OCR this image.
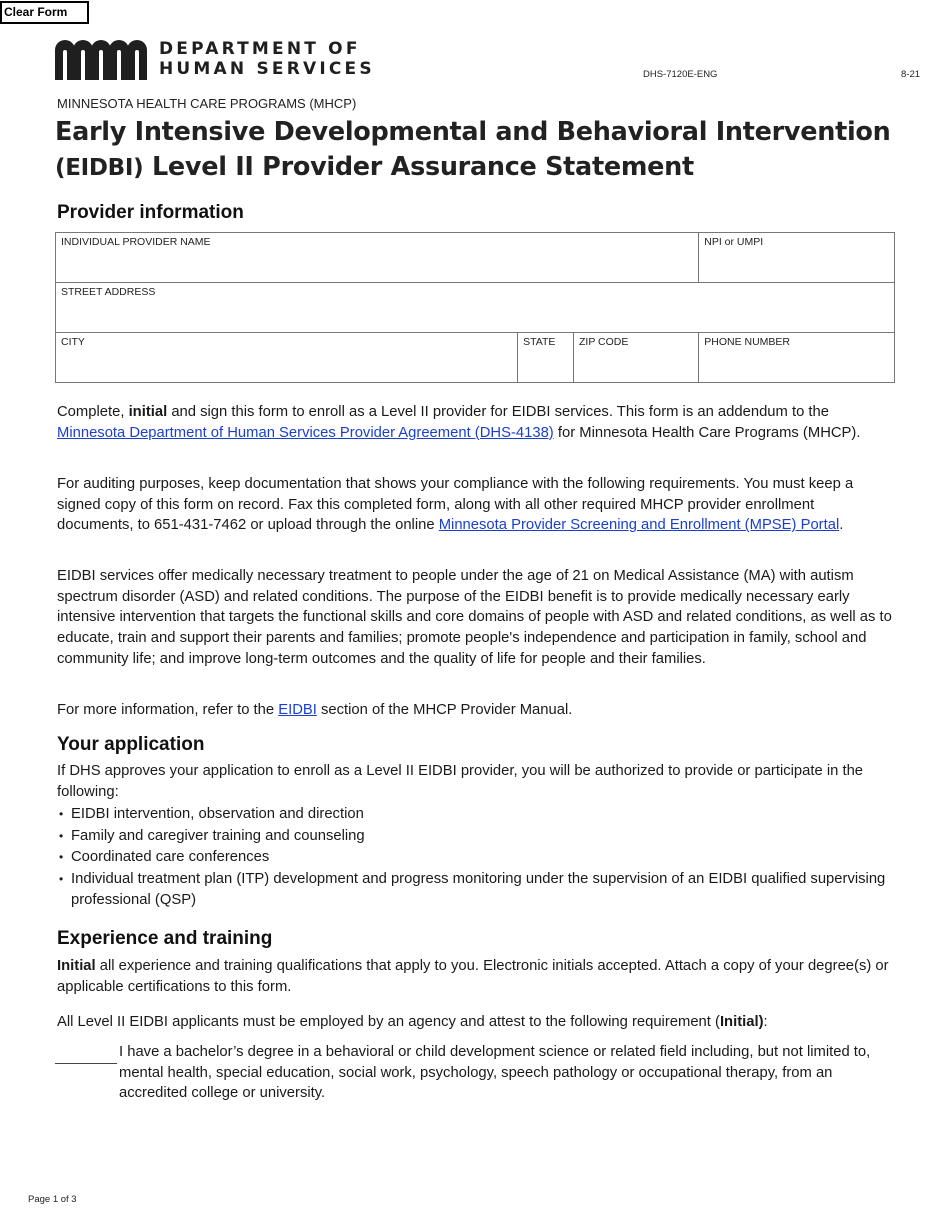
Clear Form
DEPARTMENT OF
HUMAN SERVICES	DHS-7120E-ENG	8-21
MINNESOTA HEALTH CARE PROGRAMS (MHCP)
Early Intensive Developmental and Behavioral Intervention
(EIDBI) Level II Provider Assurance Statement
Provider information
INDIVIDUAL PROVIDER NAME			NPI or UMPI
STREET ADDRESS			
CITY	STATE	ZIP CODE	PHONE NUMBER
Complete, initial and sign this form to enroll as a Level II provider for EIDBI services. This form is an addendum to the Minnesota Department of Human Services Provider Agreement (DHS-4138) for Minnesota Health Care Programs (MHCP).
For auditing purposes, keep documentation that shows your compliance with the following requirements. You must keep a signed copy of this form on record. Fax this completed form, along with all other required MHCP provider enrollment documents, to 651-431-7462 or upload through the online Minnesota Provider Screening and Enrollment (MPSE) Portal.
EIDBI services offer medically necessary treatment to people under the age of 21 on Medical Assistance (MA) with autism spectrum disorder (ASD) and related conditions. The purpose of the EIDBI benefit is to provide medically necessary early intensive intervention that targets the functional skills and core domains of people with ASD and related conditions, as well as to educate, train and support their parents and families; promote people's independence and participation in family, school and community life; and improve long-term outcomes and the quality of life for people and their families.
For more information, refer to the EIDBI section of the MHCP Provider Manual.
Your application
If DHS approves your application to enroll as a Level II EIDBI provider, you will be authorized to provide or participate in the following:
• EIDBI intervention, observation and direction
• Family and caregiver training and counseling
• Coordinated care conferences
• Individual treatment plan (ITP) development and progress monitoring under the supervision of an EIDBI qualified supervising professional (QSP)
Experience and training
Initial all experience and training qualifications that apply to you. Electronic initials accepted. Attach a copy of your degree(s) or applicable certifications to this form.
All Level II EIDBI applicants must be employed by an agency and attest to the following requirement (Initial):
I have a bachelor’s degree in a behavioral or child development science or related field including, but not limited to, mental health, special education, social work, psychology, speech pathology or occupational therapy, from an accredited college or university.
Page 1 of 3
